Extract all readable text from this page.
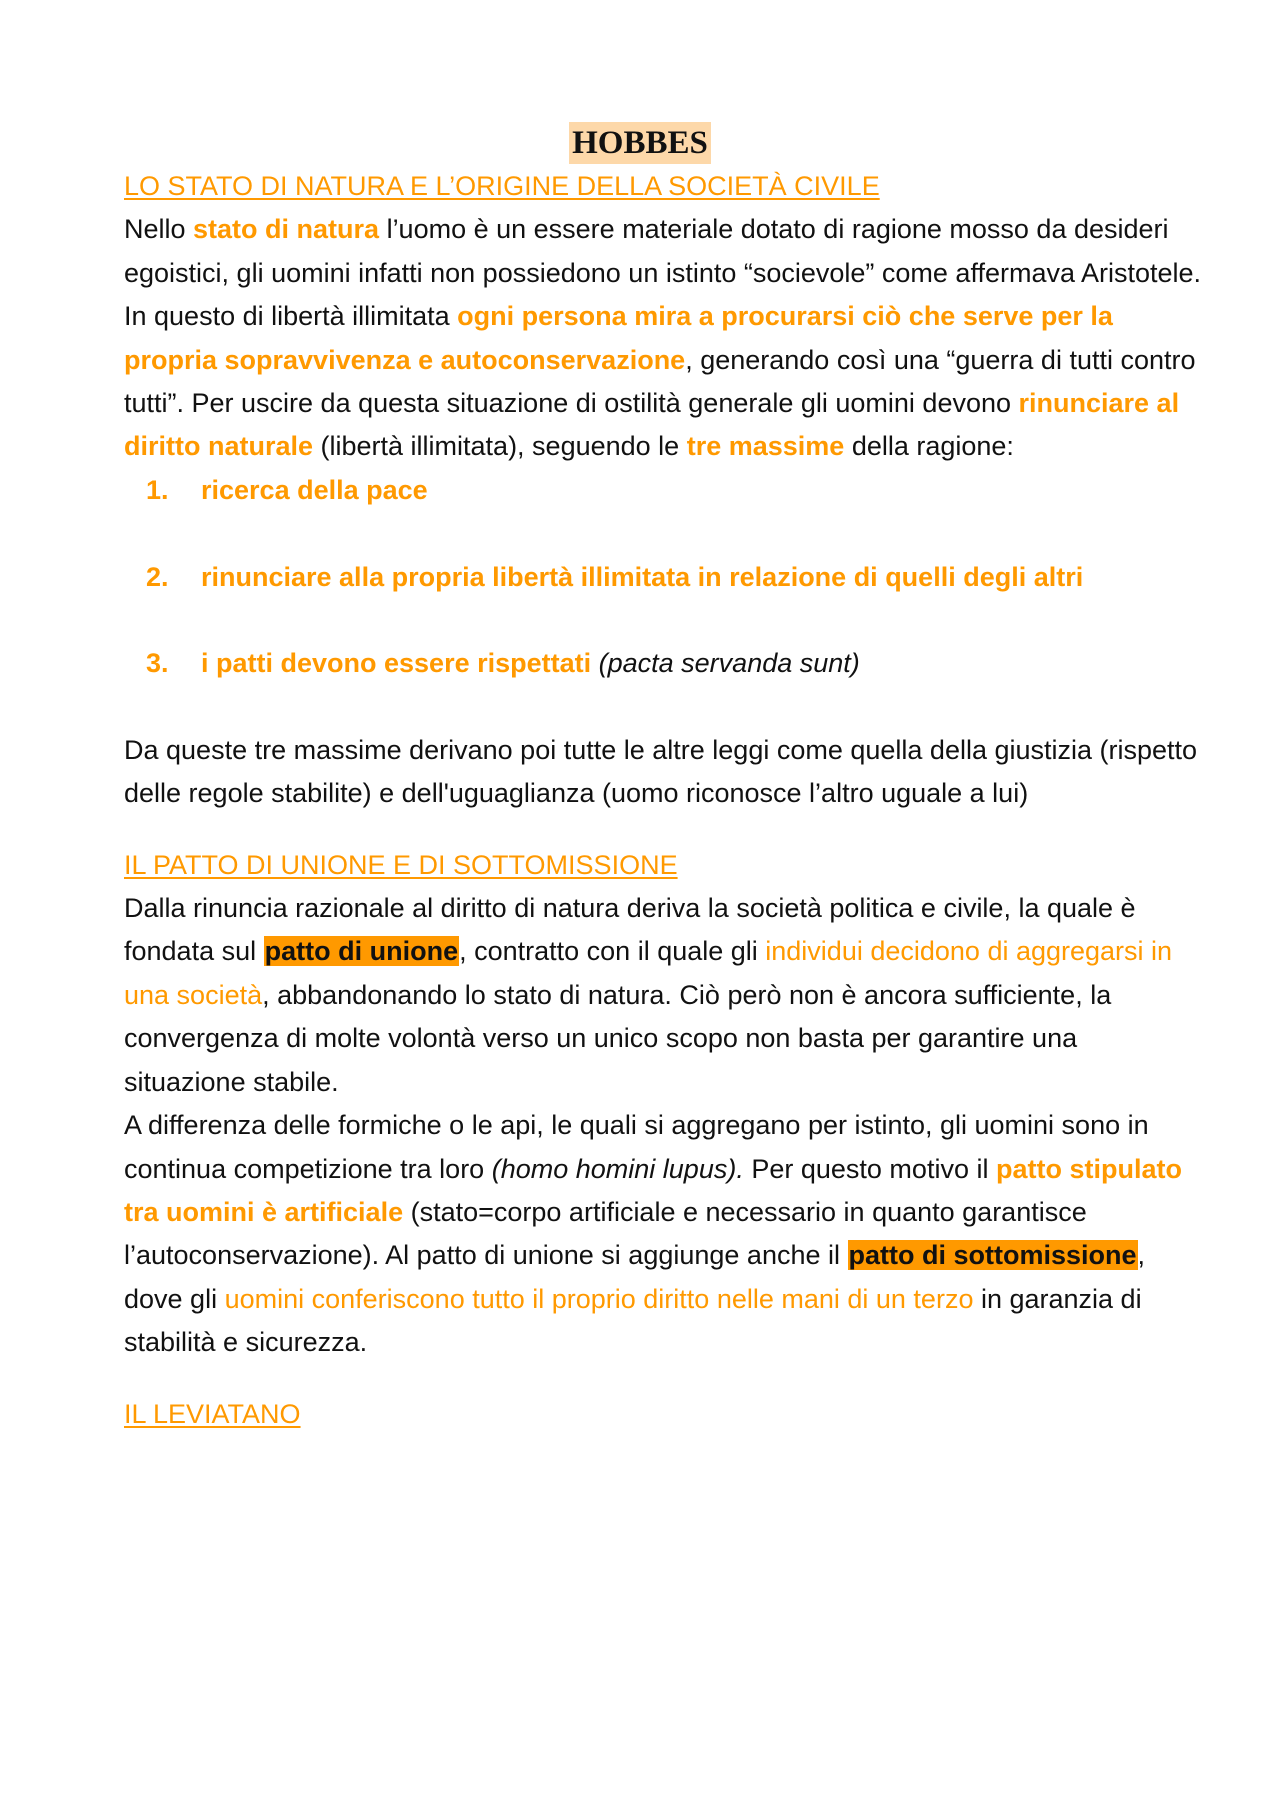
HOBBES
LO STATO DI NATURA E L’ORIGINE DELLA SOCIETÀ CIVILE

Nello stato di natura l’uomo è un essere materiale dotato di ragione mosso da desideri egoistici, gli uomini infatti non possiedono un istinto “socievole” come affermava Aristotele. In questo di libertà illimitata ogni persona mira a procurarsi ciò che serve per la propria sopravvivenza e autoconservazione, generando così una “guerra di tutti contro tutti”. Per uscire da questa situazione di ostilità generale gli uomini devono rinunciare al diritto naturale (libertà illimitata), seguendo le tre massime della ragione:

1. ricerca della pace
2. rinunciare alla propria libertà illimitata in relazione di quelli degli altri
3. i patti devono essere rispettati (pacta servanda sunt)

Da queste tre massime derivano poi tutte le altre leggi come quella della giustizia (rispetto delle regole stabilite) e dell'uguaglianza (uomo riconosce l’altro uguale a lui)

IL PATTO DI UNIONE E DI SOTTOMISSIONE

Dalla rinuncia razionale al diritto di natura deriva la società politica e civile, la quale è fondata sul patto di unione, contratto con il quale gli individui decidono di aggregarsi in una società, abbandonando lo stato di natura. Ciò però non è ancora sufficiente, la convergenza di molte volontà verso un unico scopo non basta per garantire una situazione stabile.

A differenza delle formiche o le api, le quali si aggregano per istinto, gli uomini sono in continua competizione tra loro (homo homini lupus). Per questo motivo il patto stipulato tra uomini è artificiale (stato=corpo artificiale e necessario in quanto garantisce l’autoconservazione). Al patto di unione si aggiunge anche il patto di sottomissione, dove gli uomini conferiscono tutto il proprio diritto nelle mani di un terzo in garanzia di stabilità e sicurezza.

IL LEVIATANO
